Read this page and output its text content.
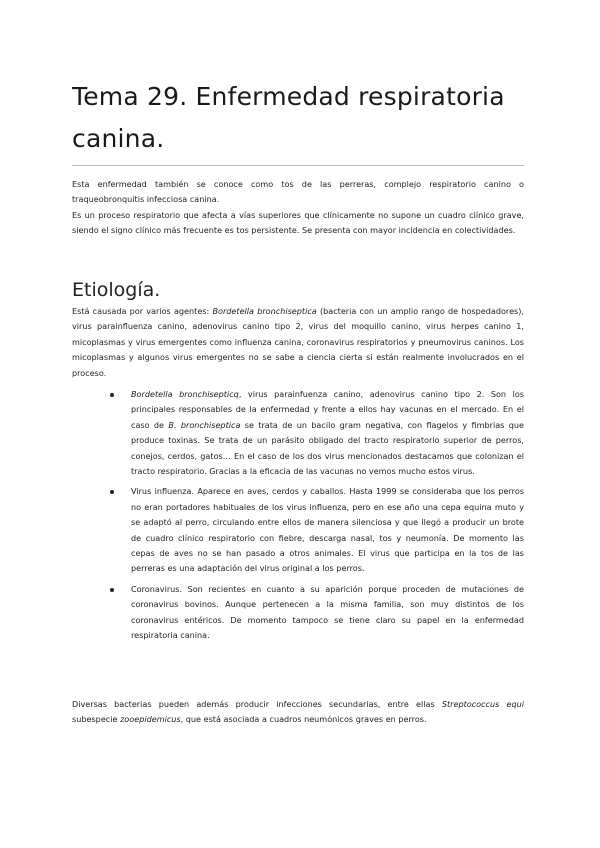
Tema 29. Enfermedad respiratoria canina.

Esta enfermedad también se conoce como tos de las perreras, complejo respiratorio canino o traqueobronquitis infecciosa canina.

Es un proceso respiratorio que afecta a vías superiores que clínicamente no supone un cuadro clínico grave, siendo el signo clínico más frecuente es tos persistente. Se presenta con mayor incidencia en colectividades.

Etiología.

Está causada por varios agentes: Bordetella bronchiseptica (bacteria con un amplio rango de hospedadores), virus parainfluenza canino, adenovirus canino tipo 2, virus del moquillo canino, virus herpes canino 1, micoplasmas y virus emergentes como influenza canina, coronavirus respiratorios y pneumovirus caninos. Los micoplasmas y algunos virus emergentes no se sabe a ciencia cierta si están realmente involucrados en el proceso.

Bordetella bronchisepticq, virus parainfuenza canino, adenovirus canino tipo 2. Son los principales responsables de la enfermedad y frente a ellos hay vacunas en el mercado. En el caso de B. bronchiseptica se trata de un bacilo gram negativa, con flagelos y fimbrias que produce toxinas. Se trata de un parásito obligado del tracto respiratorio superior de perros, conejos, cerdos, gatos… En el caso de los dos virus mencionados destacamos que colonizan el tracto respiratorio. Gracias a la eficacia de las vacunas no vemos mucho estos virus.
Virus influenza. Aparece en aves, cerdos y caballos. Hasta 1999 se consideraba que los perros no eran portadores habituales de los virus influenza, pero en ese año una cepa equina muto y se adaptó al perro, circulando entre ellos de manera silenciosa y que llegó a producir un brote de cuadro clínico respiratorio con fiebre, descarga nasal, tos y neumonía. De momento las cepas de aves no se han pasado a otros animales. El virus que participa en la tos de las perreras es una adaptación del virus original a los perros.
Coronavirus. Son recientes en cuanto a su aparición porque proceden de mutaciones de coronavirus bovinos. Aunque pertenecen a la misma familia, son muy distintos de los coronavirus entéricos. De momento tampoco se tiene claro su papel en la enfermedad respiratoria canina.

Diversas bacterias pueden además producir infecciones secundarias, entre ellas Streptococcus equi subespecie zooepidemicus, que está asociada a cuadros neumónicos graves en perros.
